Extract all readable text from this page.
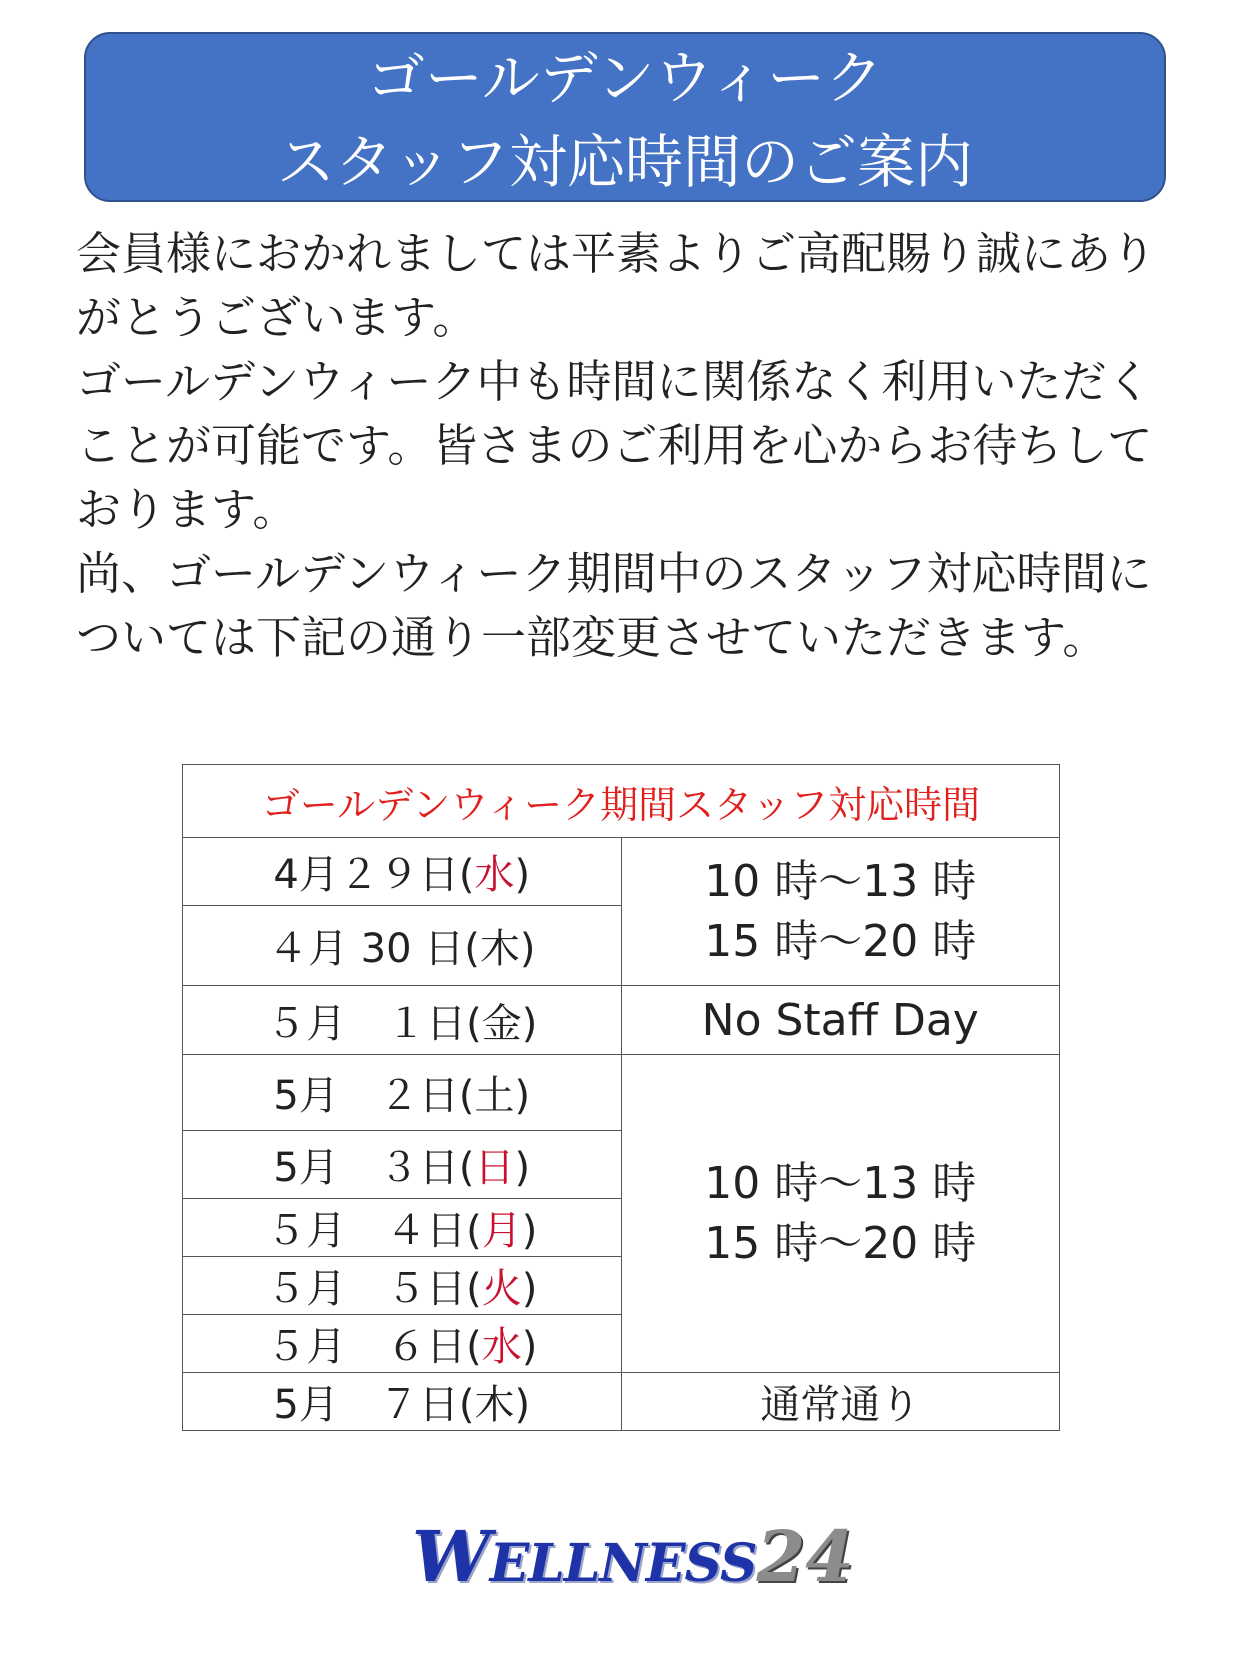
ゴールデンウィーク
スタッフ対応時間のご案内

会員様におかれましては平素よりご高配賜り誠にありがとうございます。

ゴールデンウィーク中も時間に関係なく利用いただくことが可能です。皆さまのご利用を心からお待ちしております。

尚、ゴールデンウィーク期間中のスタッフ対応時間については下記の通り一部変更させていただきます。

ゴールデンウィーク期間スタッフ対応時間	
4月２９日(水)	10 時～13 時
15 時～20 時

４月 30 日(木)	
５月　１日(金)	No Staff Day
5月　２日(土)	10 時～13 時
15 時～20 時

5月　３日(日)	
５月　４日(月)	
５月　５日(火)	
５月　６日(水)	
5月　７日(木)	通常通り
WELLNESS24
